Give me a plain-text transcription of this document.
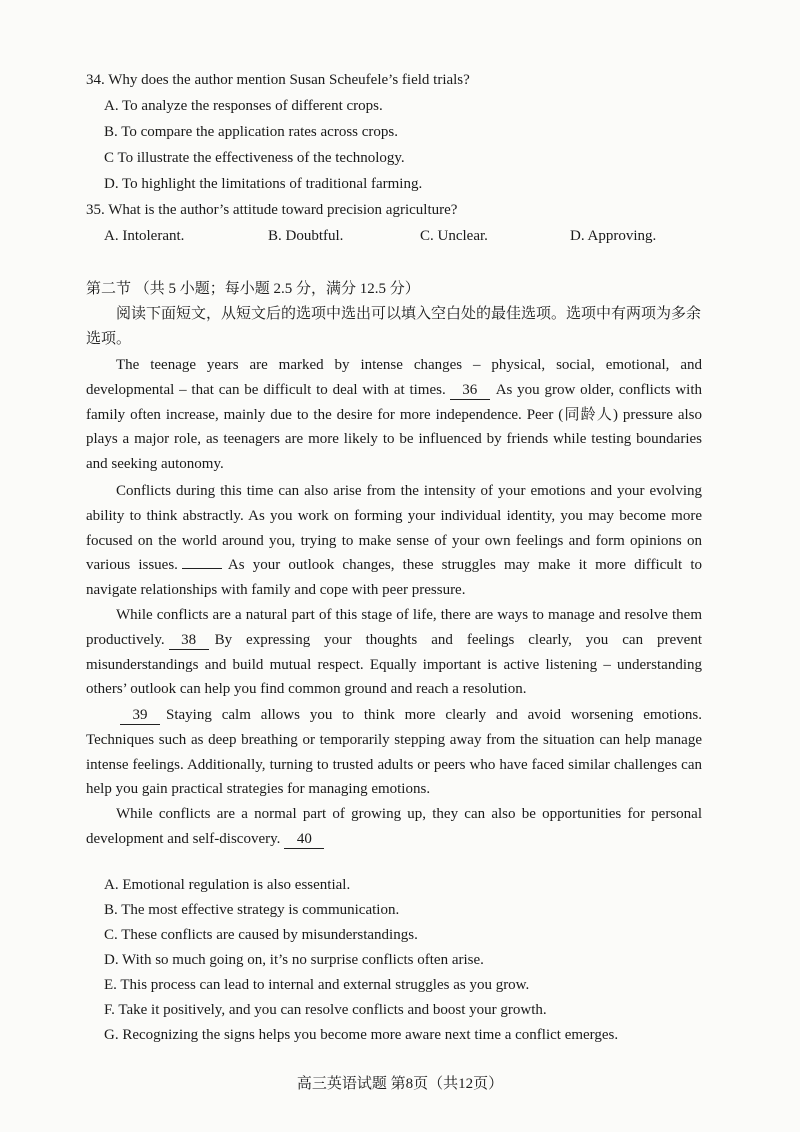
34. Why does the author mention Susan Scheufele’s field trials?
A. To analyze the responses of different crops.
B. To compare the application rates across crops.
C To illustrate the effectiveness of the technology.
D. To highlight the limitations of traditional farming.
35. What is the author’s attitude toward precision agriculture?
A. Intolerant.	B. Doubtful.	C. Unclear.	D. Approving.
第二节 （共 5 小题；每小题 2.5 分，满分 12.5 分）
阅读下面短文，从短文后的选项中选出可以填入空白处的最佳选项。选项中有两项为多余选项。
The teenage years are marked by intense changes – physical, social, emotional, and developmental – that can be difficult to deal with at times. 36 As you grow older, conflicts with family often increase, mainly due to the desire for more independence. Peer (同龄人) pressure also plays a major role, as teenagers are more likely to be influenced by friends while testing boundaries and seeking autonomy.
Conflicts during this time can also arise from the intensity of your emotions and your evolving ability to think abstractly. As you work on forming your individual identity, you may become more focused on the world around you, trying to make sense of your own feelings and form opinions on various issues.	As your outlook changes, these struggles may make it more difficult to navigate relationships with family and cope with peer pressure.
While conflicts are a natural part of this stage of life, there are ways to manage and resolve them productively. 38 By expressing your thoughts and feelings clearly, you can prevent misunderstandings and build mutual respect. Equally important is active listening – understanding others’ outlook can help you find common ground and reach a resolution.
39 Staying calm allows you to think more clearly and avoid worsening emotions. Techniques such as deep breathing or temporarily stepping away from the situation can help manage intense feelings. Additionally, turning to trusted adults or peers who have faced similar challenges can help you gain practical strategies for managing emotions.
While conflicts are a normal part of growing up, they can also be opportunities for personal development and self-discovery. 40
A. Emotional regulation is also essential.
B. The most effective strategy is communication.
C. These conflicts are caused by misunderstandings.
D. With so much going on, it’s no surprise conflicts often arise.
E. This process can lead to internal and external struggles as you grow.
F. Take it positively, and you can resolve conflicts and boost your growth.
G. Recognizing the signs helps you become more aware next time a conflict emerges.
高三英语试题 第8页（共12页）
